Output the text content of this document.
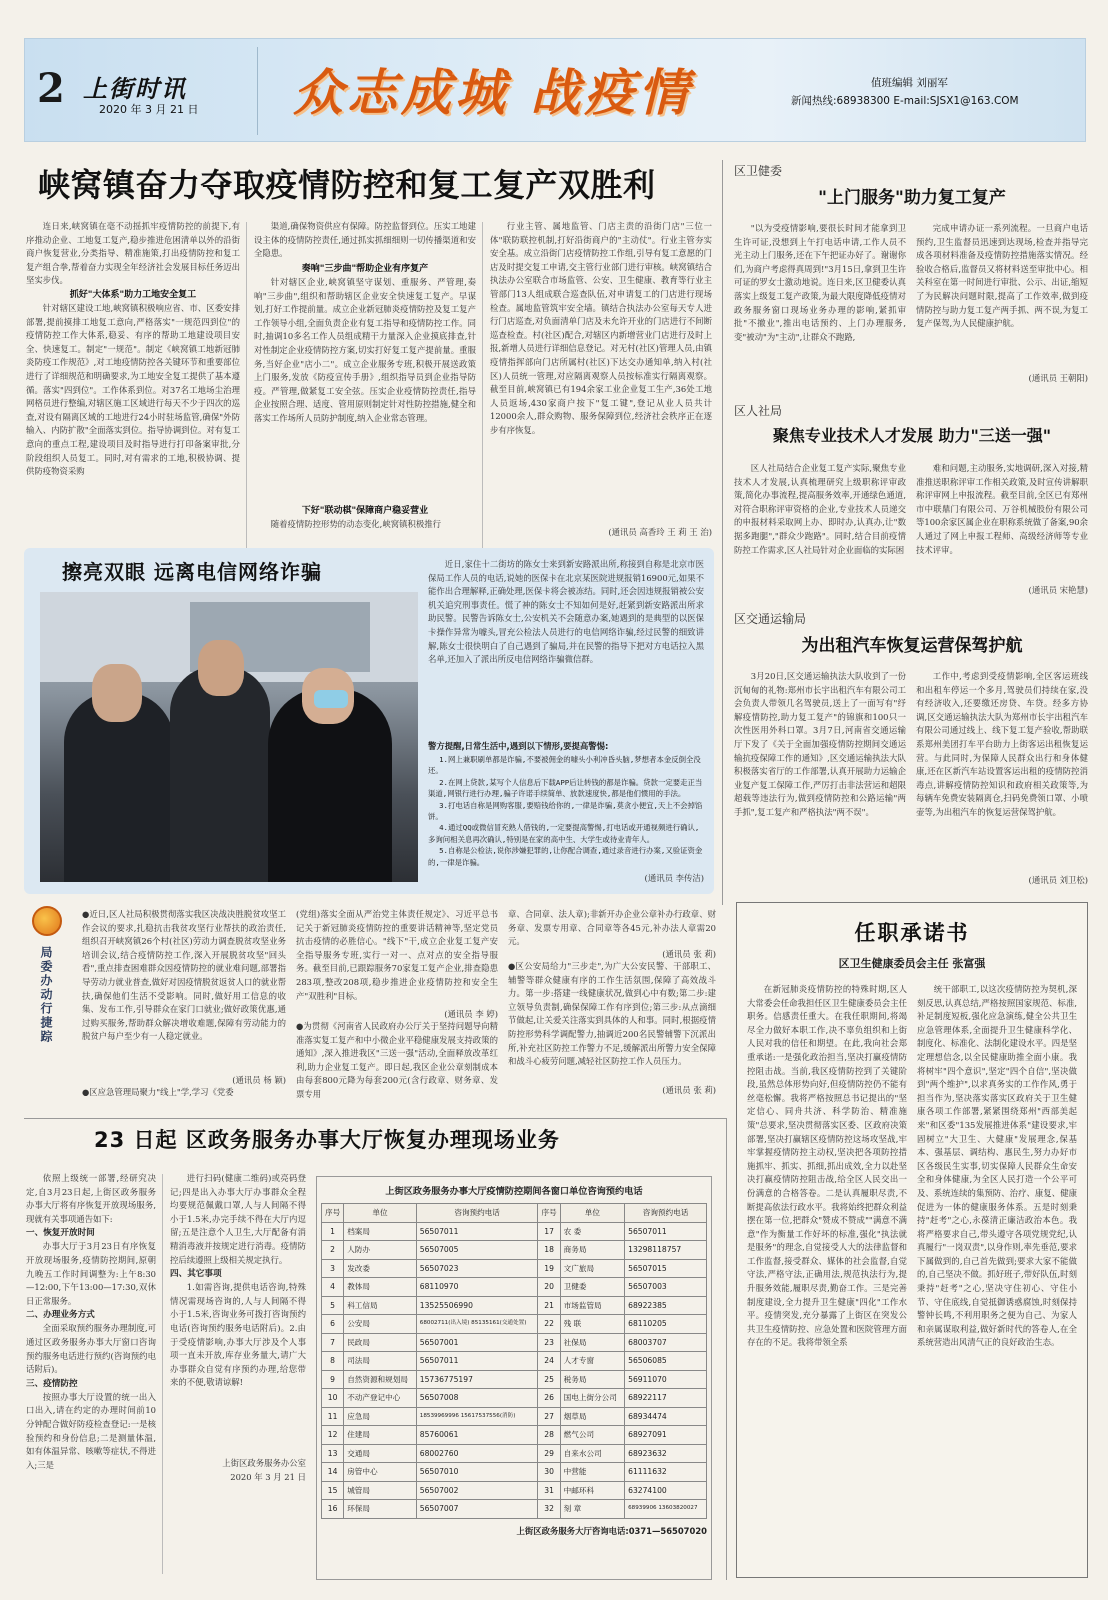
2 上街时讯
2020 年 3 月 21 日 众志成城 战疫情	值班编辑 刘丽军
新闻热线:68938300 E-mail:SJSX1@163.COM
峡窝镇奋力夺取疫情防控和复工复产双胜利
连日来,峡窝镇在毫不动摇抓牢疫情防控的前提下,有序推动企业、工地复工复产,稳步推进危困清单以外的沿街商户恢复营业,分类指导、精准施策,打出疫情防控和复工复产组合拳,帮着奋力实现全年经济社会发展目标任务迈出坚实步伐。
抓好"大体系"助力工地安全复工
针对辖区建设工地,峡窝镇积极响应省、市、区委安排部署,提前摸排工地复工意向,严格落实"一规范四到位"的疫情防控工作大体系,稳妥、有序的帮助工地建设项目安全、快速复工。制定"一规范"。制定《峡窝镇工地新冠肺炎防疫工作规范》,对工地疫情防控各关键环节和重要部位进行了详细规范和明确要求,为工地安全复工提供了基本遵循。落实"四到位"。工作体系到位。对37名工地场尘治理网格员进行整编,对辖区施工区域进行每天不少于四次的巡查,对设有隔离区域的工地进行24小时驻场监管,确保"外防输入、内防扩散"全面落实到位。指导协调到位。对有复工意向的重点工程,建设项目及时指导进行打印备案审批,分阶段组织人员复工。同时,对有需求的工地,积极协调、提供防疫物资采购
渠道,确保物资供应有保障。防控监督到位。压实工地建设主体的疫情防控责任,通过抓实抓细细则一切传播渠道和安全隐患。
奏响"三步曲"帮助企业有序复产
针对辖区企业,峡窝镇坚守谋划、重服务、严管理,奏响"三步曲",组织和帮助辖区企业安全快速复工复产。早谋划,打好工作提前量。成立企业新冠肺炎疫情防控及复工复产工作领导小组,全面负责企业有复工指导和疫情防控工作。同时,抽调10多名工作人员组成精干力量深入企业摸底排查,针对性制定企业疫情防控方案,切实打好复工复产提前量。重服务,当好企业"店小二"。成立企业服务专班,积极开展送政策上门服务,发放《防疫宣传手册》,组织指导员到企业指导防疫。严管理,做紧复工安全弦。压实企业疫情防控责任,指导企业按照合理、适度、管用原则制定针对性防控措施,健全和落实工作场所人员防护制度,纳入企业常态管理。
下好"联动棋"保障商户稳妥营业
随着疫情防控形势的动态变化,峡窝镇积极推行
行业主管、属地监管、门店主责的沿街门店"三位一体"联防联控机制,打好沿街商户的"主动仗"。行业主管夯实安全基。成立沿街门店疫情防控工作组,引导有复工意愿的门店及时提交复工申请,交主管行业部门进行审核。峡窝镇结合执法办公室联合市场监管、公安、卫生健康、教育等行业主管部门13人组成联合巡查队伍,对申请复工的门店进行现场检查。属地监管筑牢安全墙。镇结合执法办公室每天专人进行门店巡查,对负面清单门店及未允许开业的门店进行不间断巡查检查。村(社区)配合,对辖区内新增营业门店进行及时上报,新增人员进行详细信息登记。对无村(社区)管理人员,由镇疫情指挥部向门店所属村(社区)下达交办通知单,纳入村(社区)人员统一管理,对应隔离观察人员按标准实行隔离观察。截至目前,峡窝镇已有194余家工业企业复工生产,36处工地人员返场,430家商户按下"复工键",登记从业人员共计12000余人,群众购物、服务保障到位,经济社会秩序正在逐步有序恢复。
(通讯员 高香玲 王 莉 王 治)
区卫健委
"上门服务"助力复工复产
"以为受疫情影响,要很长时间才能拿到卫生许可证,没想到上午打电话申请,工作人员不光主动上门服务,还在下午把证办好了。谢谢你们,为商户考虑得真周到!"3月15日,拿到卫生许可证的罗女士激动地说。连日来,区卫健委认真落实上级复工复产政策,为最大限度降低疫情对政务服务窗口现场业务办理的影响,紧抓审批"不撤业",推出电话预约、上门办理服务,变"被动"为"主动",让群众不跑路,
完成申请办证一系列流程。一旦商户电话预约,卫生监督员迅速到达现场,检查并指导完成各项材料准备及疫情防控措施落实情况。经验收合格后,监督员又将材料送至审批中心。相关科室在第一时间进行审批、公示、出证,缩短了为民解决问题时限,提高了工作效率,做到疫情防控与助力复工复产两手抓、两不误,为复工复产保驾,为人民健康护航。
(通讯员 王朝阳)
区人社局
聚焦专业技术人才发展 助力"三送一强"
区人社局结合企业复工复产实际,聚焦专业技术人才发展,认真梳理研究上级职称评审政策,简化办事流程,提高服务效率,开通绿色通道,对符合职称评审资格的企业,专业技术人员递交的申报材料采取网上办、即时办,认真办,让"数据多跑腿","群众少跑路"。同时,结合目前疫情防控工作需求,区人社局针对企业面临的实际困
难和问题,主动服务,实地调研,深入对接,精准推送职称评审工作相关政策,及时宣传讲解职称评审网上申报流程。截至目前,全区已有郑州市中联鼎门有限公司、万谷机械股份有限公司等100余家区属企业在职称系统做了备案,90余人通过了网上申报工程师、高级经济师等专业技术评审。
(通讯员 宋艳慧)
区交通运输局
为出租汽车恢复运营保驾护航
3月20日,区交通运输执法大队收到了一份沉甸甸的礼物:郑州市长宇出租汽车有限公司工会负责人带领几名驾驶员,送上了一面写有"纾解疫情防控,助力复工复产"的锦旗和100只一次性医用外科口罩。3月7日,河南省交通运输厅下发了《关于全面加强疫情防控期间交通运输抗疫保障工作的通知》,区交通运输执法大队积极落实省厅的工作部署,认真开展助力运输企业复产复工保障工作,严厉打击非法营运和超限超载等违法行为,做到疫情防控和公路运输"两手抓",复工复产和严格执法"两不误"。
工作中,考虑到受疫情影响,全区客运班线和出租车停运一个多月,驾驶员们持续在家,没有经济收入,还要缴还房贷、车贷。经多方协调,区交通运输执法大队为郑州市长宇出租汽车有限公司通过线上、线下复工复产验收,帮助联系郑州美团打车平台助力上街客运出租恢复运营。与此同时,为保障人民群众出行和身体健康,还在区新汽车站设置客运出租的疫情防控消毒点,讲解疫情防控知识和政府相关政策等,为每辆车免费安装隔离仓,扫码免费领口罩、小喷壶等,为出租汽车的恢复运营保驾护航。
(通讯员 刘卫松)
擦亮双眼 远离电信网络诈骗	近日,家住十二街坊的陈女士来到新安路派出所,称接到自称是北京市医保局工作人员的电话,说她的医保卡在北京某医院进规报销16900元,如果不能作出合理解释,正确处理,医保卡将会被冻结。同时,还会因违规报销被公安机关追究刑事责任。慌了神的陈女士不知如何是好,赶紧到新安路派出所求助民警。民警告诉陈女士,公安机关不会随意办案,她遇到的是典型的以医保卡操作异常为噱头,冒充公检法人员进行的电信网络诈骗,经过民警的细致讲解,陈女士很快明白了自己遇到了骗局,并在民警的指导下把对方电话拉入黑名单,还加入了派出所反电信网络诈骗微信群。
警方提醒,日常生活中,遇到以下情形,要提高警惕:
1.网上兼职刷单都是诈骗,不要被佣金的噱头小利冲昏头脑,梦想者本金反倒全没还。
2.在网上贷款,某写个人信息后下载APP后让转钱的都是诈骗。贷款一定要走正当渠道,网银行进行办理,骗子许诺手续简单、放款速度快,都是他们惯用的手法。
3.打电话自称是网购客服,要赔钱给你的,一律是诈骗,莫贪小便宜,天上不会掉馅饼。
4.通过QQ或微信冒充熟人借钱的,一定要提高警惕,打电话或开通视频进行确认,多询问相关息再次确认,特别是在家的高中生、大学生或待业青年人。
5.自称是公检法,说你涉嫌犯罪的,让你配合调查,通过录音进行办案,又验证资金的,一律是诈骗。
(通讯员 李传洁)
局委办动行捷踪
●近日,区人社局积极贯彻落实我区决战决胜脱贫攻坚工作会议的要求,扎稳抗击我贫攻坚行业帮扶的政治责任,组织召开峡窝镇26个村(社区)劳动力调查脱贫攻坚业务培训会议,结合疫情防控工作,深入开展脱贫攻坚"回头看",重点排查困难群众因疫情防控的就业难问题,部署指导劳动力就业普查,做好对因疫情脱贫返贫人口的就业帮扶,确保他们生活不受影响。同时,做好用工信息的收集、发布工作,引导群众在家门口就业;做好政策优惠,通过购买服务,帮助群众解决增收难题,保障有劳动能力的脱贫户每户至少有一人稳定就业。
(通讯员 杨 颖)
●区应急管理局聚力"线上"学,学习《党委
(党组)落实全面从严治党主体责任规定》、习近平总书记关于新冠肺炎疫情防控的重要讲话精神等,坚定党员抗击疫情的必胜信心。"线下"干,成立企业复工复产安全指导服务专班,实行一对一、点对点的安全指导服务。截至目前,已跟踪服务70家复工复产企业,排查隐患283项,整改208项,稳步推进企业疫情防控和安全生产"双胜利"目标。
(通讯员 李 婷)
●为贯彻《河南省人民政府办公厅关于坚持问题导向精准落实复工复产和中小微企业平稳健康发展支持政策的通知》,深入推进我区"三送一强"活动,全面释放改革红利,助力企业复工复产。即日起,我区企业公章刻制成本由每套800元降为每套200元(含行政章、财务章、发票专用
章、合同章、法人章);非新开办企业公章补办行政章、财务章、发票专用章、合同章等各45元,补办法人章需20元。
(通讯员 张 莉)
●区公安局给力"三步走",为广大公安民警、干部职工、辅警等群众健康有序的工作生活氛围,保障了高效战斗力。第一步:搭建一线健康状况,做到心中有数;第二步:建立领导负责制,确保保障工作有序到位;第三步:从点滴细节做起,让关爱关注落实到具体的人和事。同时,根据疫情防控形势科学调配警力,抽调近200名民警辅警下沉派出所,补充社区防控工作警力不足,缓解派出所警力安全保障和战斗心疲劳问题,减轻社区防控工作人员压力。
(通讯员 张 莉)
任职承诺书
区卫生健康委员会主任 张富强
在新冠肺炎疫情防控的特殊时期,区人大常委会任命我担任区卫生健康委员会主任职务。信感责任重大。在我任职期间,将竭尽全力做好本职工作,决不辜负组织和上街人民对我的信任和期望。在此,我向社会郑重承诺:一是强化政治担当,坚决打赢疫情防控阻击战。当前,我区疫情防控到了关键阶段,虽然总体形势向好,但疫情防控仍不能有丝毫松懈。我将严格按照总书记提出的"坚定信心、同舟共济、科学防治、精准施策"总要求,坚决贯彻落实区委、区政府决策部署,坚决打赢辖区疫情防控这场攻坚战,牢牢掌握疫情防控主动权,坚决把各项防控措施抓牢、抓实、抓细,抓出成效,全力以赴坚决打赢疫情防控阻击战,给全区人民交出一份满意的合格答卷。二是认真履职尽责,不断提高依法行政水平。我将始终把群众利益摆在第一位,把群众"赞成不赞成""满意不满意"作为衡量工作好坏的标准,强化"执法就是服务"的理念,自觉接受人大的法律监督和工作监督,接受群众、媒体的社会监督,自觉守法,严格守法,正确用法,规范执法行为,提升服务效能,履职尽责,勤奋工作。三是完善制度建设,全力提升卫生健康"四化"工作水平。疫情突发,充分暴露了上街区在突发公共卫生疫情防控、应急处置和医院管理方面存在的不足。我将带领全系
统干部职工,以这次疫情防控为契机,深刻反思,认真总结,严格按照国家规范、标准,补足制度短板,强化应急演练,健全公共卫生应急管理体系,全面提升卫生健康科学化、制度化、标准化、法制化建设水平。四是坚定理想信念,以全民健康助推全面小康。我将树牢"四个意识",坚定"四个自信",坚决做到"两个维护",以求真务实的工作作风,勇于担当作为,坚决落实落实区政府关于卫生健康各项工作部署,紧紧围绕郑州"西部美起来"和区委"135发展推进体系"建设要求,牢固树立"大卫生、大健康"发展理念,保基本、强基层、调结构、惠民生,努力办好市区各级民生实事,切实保障人民群众生命安全和身体健康,为全区人民打造一个公平可及、系统连续的集预防、治疗、康复、健康促进为一体的健康服务体系。五是时刻秉持"赶考"之心,永葆清正廉洁政治本色。我将严格要求自己,带头遵守各项党规党纪,认真履行"一岗双责",以身作则,率先垂范,要求下属做到的,自己首先做到;要求大家不能做的,自己坚决不做。抓好班子,带好队伍,时刻秉持"赶考"之心,坚决守住初心、守住小节、守住底线,自觉抵御诱惑腐蚀,时刻保持警钟长鸣,不利用职务之便为自己、为家人和亲属谋取利益,做好新时代的答卷人,在全系统营造出风清气正的良好政治生态。
23 日起 区政务服务办事大厅恢复办理现场业务
依照上级统一部署,经研究决定,自3月23日起,上街区政务服务办事大厅将有序恢复开放现场服务,现就有关事项通告如下:
一、恢复开放时间
办事大厅于3月23日有序恢复开放现场服务,疫情防控期间,原朝九晚五工作时间调整为:上午8:30—12:00,下午13:00—17:30,双休日正常服务。
二、办理业务方式
全面采取预约服务办理制度,可通过区政务服务办事大厅窗口咨询预约服务电话进行预约(咨询预约电话附后)。
三、疫情防控
按照办事大厅设置的统一出入口出入,请在约定的办理时间前10分钟配合做好防疫检查登记:一是核验预约和身份信息;二是测量体温,如有体温异常、咳嗽等症状,不得进入;三是
进行扫码(健康二维码)或亮码登记;四是出入办事大厅办事群众全程均要规范佩戴口罩,人与人间隔不得小于1.5米,办完手续不得在大厅内逗留;五是注意个人卫生,大厅配备有消精消毒液并按规定进行消毒。疫情防控后续遵照上级相关规定执行。
四、其它事项
1.如需咨询,提供电话咨询,特殊情况需现场咨询的,人与人间隔不得小于1.5米,咨询业务可拨打咨询预约电话(咨询预约服务电话附后)。2.由于受疫情影响,办事大厅涉及个人事项一直未开放,库存业务量大,请广大办事群众自觉有序预约办理,给您带来的不便,敬请谅解!
上街区政务服务办公室
2020 年 3 月 21 日
上街区政务服务办事大厅疫情防控期间各窗口单位咨询预约电话
序号	单位	咨询预约电话	序号	单位	咨询预约电话
1	档案局	56507011	17	农 委	56507011
2	人防办	56507005	18	商务局	13298118757
3	发改委	56507023	19	文广旅局	56507015
4	教体局	68110970	20	卫健委	56507003
5	科工信局	13525506990	21	市场监管局	68922385
6	公安局	68002711(出入境) 85135161(交通处置)	22	残 联	68110205
7	民政局	56507001	23	社保局	68003707
8	司法局	56507011	24	人才专窗	56506085
9	自然资源和规划局	15736775197	25	税务局	56911070
10	不动产登记中心	56507008	26	国电上街分公司	68922117
11	应急局	18539969996 15617537556(消防)	27	烟草局	68934474
12	住建局	85760061	28	燃气公司	68927091
13	交通局	68002760	29	自来水公司	68923632
14	房管中心	56507010	30	中营能	61111632
15	城管局	56507002	31	中邮环科	63274100
16	环保局	56507007	32	刻 章	68939906 13603820027
上街区政务服务大厅咨询电话:0371—56507020
